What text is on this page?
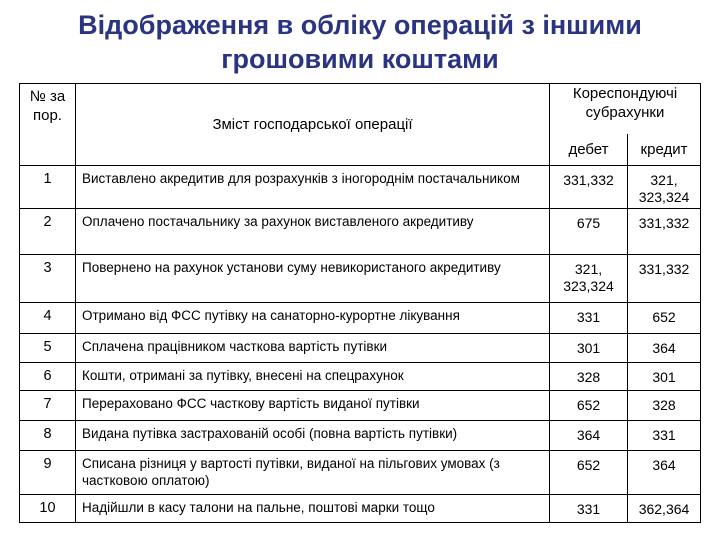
Відображення в обліку операцій з іншими
грошовими коштами
№ за пор.	Зміст господарської операції	Кореспондуючі субрахунки	
		дебет	кредит
1	Виставлено акредитив для розрахунків з іногороднім постачальником	331,332	321, 323,324
2	Оплачено постачальнику за рахунок виставленого акредитиву	675	331,332
3	Повернено на рахунок установи суму невикористаного акредитиву	321, 323,324	331,332
4	Отримано від ФСС путівку на санаторно-курортне лікування	331	652
5	Сплачена працівником часткова вартість путівки	301	364
6	Кошти, отримані за путівку, внесені на спецрахунок	328	301
7	Перераховано ФСС часткову вартість виданої путівки	652	328
8	Видана путівка застрахованій особі (повна вартість путівки)	364	331
9	Списана різниця у вартості путівки, виданої на пільгових умовах (з частковою оплатою)	652	364
10	Надійшли в касу талони на пальне, поштові марки тощо	331	362,364
